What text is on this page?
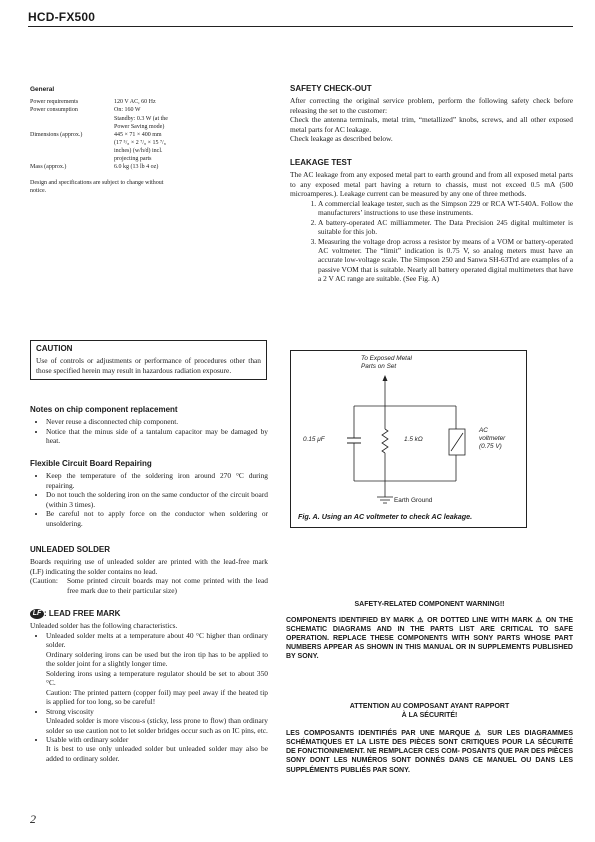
HCD-FX500
General
Power requirements	120 V AC, 60 Hz
Power consumption	On: 160 W
	Standby: 0.3 W (at the
	Power Saving mode)
Dimensions (approx.)	445 × 71 × 400 mm
	(17 ⁵/₈ × 2 ⁷/₈ × 15 ⁷/₈
	inches) (w/h/d) incl.
	projecting parts
Mass (approx.)	6.0 kg (13 lb 4 oz)

Design and specifications are subject to change without notice.

CAUTION

Use of controls or adjustments or performance of procedures other than those specified herein may result in hazardous radiation exposure.

Notes on chip component replacement
• Never reuse a disconnected chip component.
• Notice that the minus side of a tantalum capacitor may be damaged by heat.
Flexible Circuit Board Repairing
• Keep the temperature of the soldering iron around 270 °C during repairing.
• Do not touch the soldering iron on the same conductor of the circuit board (within 3 times).
• Be careful not to apply force on the conductor when soldering or unsoldering.
UNLEADED SOLDER

Boards requiring use of unleaded solder are printed with the lead-free mark (LF) indicating the solder contains no lead.

(Caution:	Some printed circuit boards may not come printed with the lead free mark due to their particular size)
LF : LEAD FREE MARK

Unleaded solder has the following characteristics.

• Unleaded solder melts at a temperature about 40 °C higher than ordinary solder.

Ordinary soldering irons can be used but the iron tip has to be applied to the solder joint for a slightly longer time.

Soldering irons using a temperature regulator should be set to about 350 °C.

Caution: The printed pattern (copper foil) may peel away if the heated tip is applied for too long, so be careful!

• Strong viscosity

Unleaded solder is more viscou-s (sticky, less prone to flow) than ordinary solder so use caution not to let solder bridges occur such as on IC pins, etc.

• Usable with ordinary solder

It is best to use only unleaded solder but unleaded solder may also be added to ordinary solder.

SAFETY CHECK-OUT

After correcting the original service problem, perform the following safety check before releasing the set to the customer:

Check the antenna terminals, metal trim, “metallized” knobs, screws, and all other exposed metal parts for AC leakage.

Check leakage as described below.

LEAKAGE TEST

The AC leakage from any exposed metal part to earth ground and from all exposed metal parts to any exposed metal part having a return to chassis, must not exceed 0.5 mA (500 microamperes.). Leakage current can be measured by any one of three methods.

1. A commercial leakage tester, such as the Simpson 229 or RCA WT-540A. Follow the manufacturers’ instructions to use these instruments.
2. A battery-operated AC milliammeter. The Data Precision 245 digital multimeter is suitable for this job.
3. Measuring the voltage drop across a resistor by means of a VOM or battery-operated AC voltmeter. The “limit” indication is 0.75 V, so analog meters must have an accurate low-voltage scale. The Simpson 250 and Sanwa SH-63Trd are examples of a passive VOM that is suitable. Nearly all battery operated digital multimeters that have a 2 V AC range are suitable. (See Fig. A)
To Exposed Metal
Parts on Set
0.15 μF	1.5 kΩ
AC
voltmeter
(0.75 V)
Earth Ground
Fig. A. Using an AC voltmeter to check AC leakage.
SAFETY-RELATED COMPONENT WARNING!!

COMPONENTS IDENTIFIED BY MARK ⚠ OR DOTTED LINE WITH MARK ⚠ ON THE SCHEMATIC DIAGRAMS AND IN THE PARTS LIST ARE CRITICAL TO SAFE OPERATION. REPLACE THESE COMPONENTS WITH SONY PARTS WHOSE PART NUMBERS APPEAR AS SHOWN IN THIS MANUAL OR IN SUPPLEMENTS PUBLISHED BY SONY.

ATTENTION AU COMPOSANT AYANT RAPPORT
À LA SÉCURITÉ!

LES COMPOSANTS IDENTIFIÉS PAR UNE MARQUE ⚠ SUR LES DIAGRAMMES SCHÉMATIQUES ET LA LISTE DES PIÈCES SONT CRITIQUES POUR LA SÉCURITÉ DE FONCTIONNEMENT. NE REMPLACER CES COM- POSANTS QUE PAR DES PIÈCES SONY DONT LES NUMÉROS SONT DONNÉS DANS CE MANUEL OU DANS LES SUPPLÉMENTS PUBLIÉS PAR SONY.

2
